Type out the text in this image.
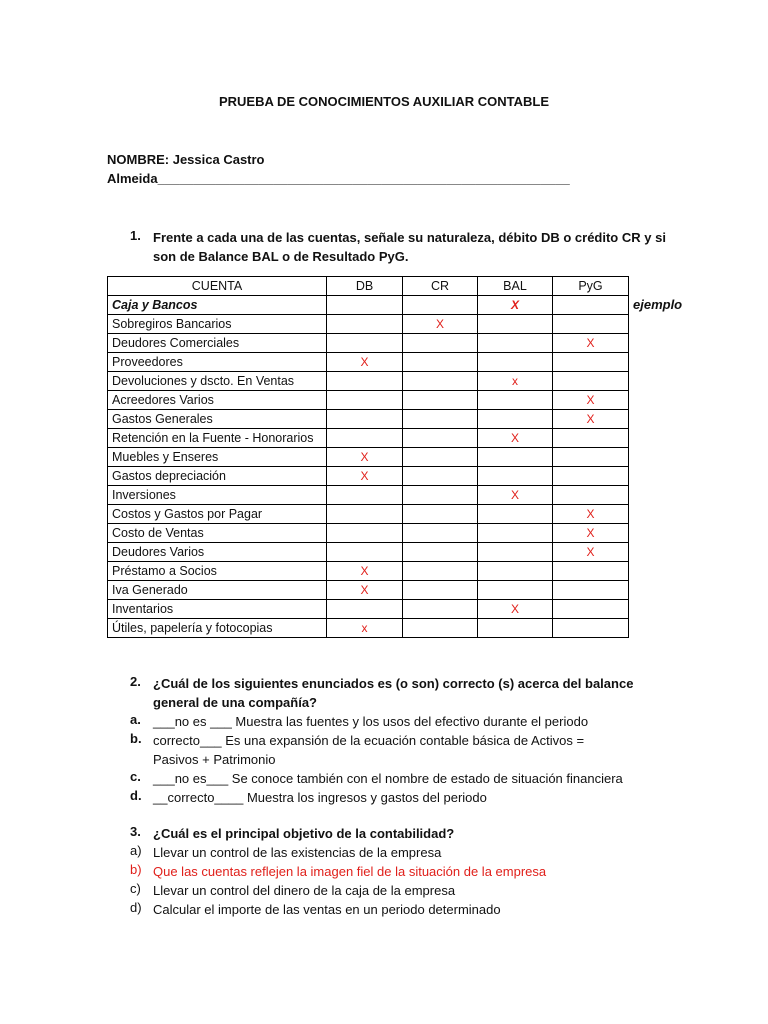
PRUEBA DE CONOCIMIENTOS AUXILIAR CONTABLE
NOMBRE: Jessica Castro
Almeida_________________________________________________________
1. Frente a cada una de las cuentas, señale su naturaleza, débito DB o crédito CR y si son de Balance BAL o de Resultado PyG.
CUENTA	DB	CR	BAL	PyG
Caja y Bancos			X	
Sobregiros Bancarios		X		
Deudores Comerciales				X
Proveedores	X			
Devoluciones y dscto. En Ventas			x	
Acreedores Varios				X
Gastos Generales				X
Retención en la Fuente - Honorarios			X	
Muebles y Enseres	X			
Gastos depreciación	X			
Inversiones			X	
Costos y Gastos por Pagar				X
Costo de Ventas				X
Deudores Varios				X
Préstamo a Socios	X			
Iva Generado	X			
Inventarios			X	
Útiles, papelería y fotocopias	x			
ejemplo
2. ¿Cuál de los siguientes enunciados es (o son) correcto (s) acerca del balance general de una compañía?
a. ___no es ___ Muestra las fuentes y los usos del efectivo durante el periodo
b. correcto___ Es una expansión de la ecuación contable básica de Activos = Pasivos + Patrimonio
c. ___no es___ Se conoce también con el nombre de estado de situación financiera
d. __correcto____ Muestra los ingresos y gastos del periodo
3. ¿Cuál es el principal objetivo de la contabilidad?
a) Llevar un control de las existencias de la empresa
b) Que las cuentas reflejen la imagen fiel de la situación de la empresa
c) Llevar un control del dinero de la caja de la empresa
d) Calcular el importe de las ventas en un periodo determinado
